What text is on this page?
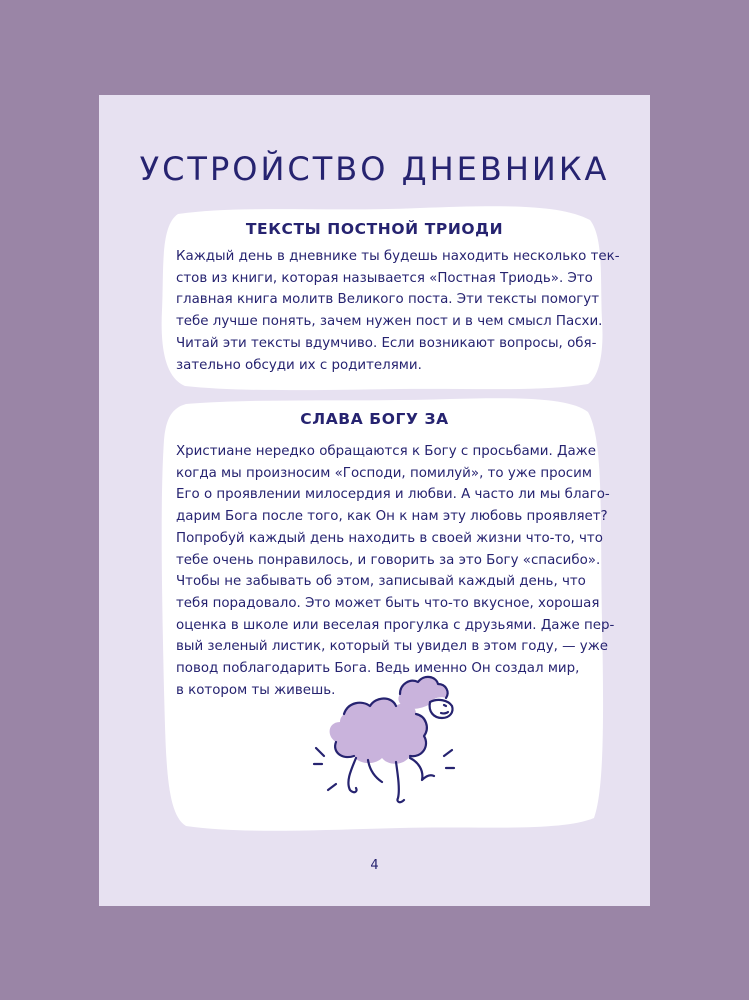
УСТРОЙСТВО ДНЕВНИКА
ТЕКСТЫ ПОСТНОЙ ТРИОДИ
Каждый день в дневнике ты будешь находить несколько тек-
стов из книги, которая называется «Постная Триодь». Это
главная книга молитв Великого поста. Эти тексты помогут
тебе лучше понять, зачем нужен пост и в чем смысл Пасхи.
Читай эти тексты вдумчиво. Если возникают вопросы, обя-
зательно обсуди их с родителями.
СЛАВА БОГУ ЗА
Христиане нередко обращаются к Богу с просьбами. Даже
когда мы произносим «Господи, помилуй», то уже просим
Его о проявлении милосердия и любви. А часто ли мы благо-
дарим Бога после того, как Он к нам эту любовь проявляет?
Попробуй каждый день находить в своей жизни что-то, что
тебе очень понравилось, и говорить за это Богу «спасибо».
Чтобы не забывать об этом, записывай каждый день, что
тебя порадовало. Это может быть что-то вкусное, хорошая
оценка в школе или веселая прогулка с друзьями. Даже пер-
вый зеленый листик, который ты увидел в этом году, — уже
повод поблагодарить Бога. Ведь именно Он создал мир,
в котором ты живешь.
4
